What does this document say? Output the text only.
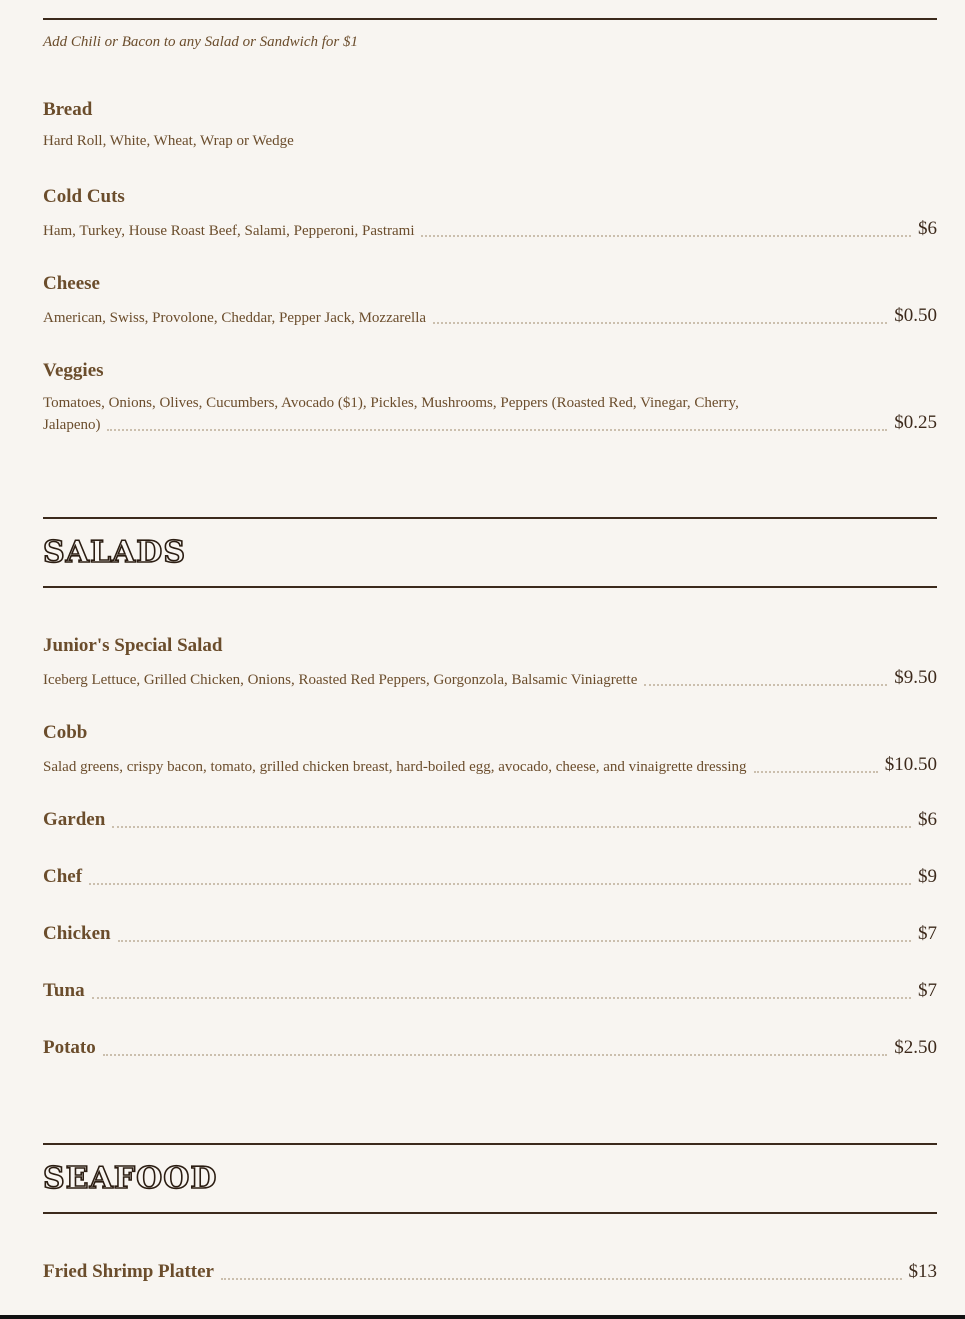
Add Chili or Bacon to any Salad or Sandwich for $1
Bread
Hard Roll, White, Wheat, Wrap or Wedge
Cold Cuts
Ham, Turkey, House Roast Beef, Salami, Pepperoni, Pastrami	$6
Cheese
American, Swiss, Provolone, Cheddar, Pepper Jack, Mozzarella	$0.50
Veggies
Tomatoes, Onions, Olives, Cucumbers, Avocado ($1), Pickles, Mushrooms, Peppers (Roasted Red, Vinegar, Cherry,
Jalapeno)	$0.25
SALADS
Junior's Special Salad
Iceberg Lettuce, Grilled Chicken, Onions, Roasted Red Peppers, Gorgonzola, Balsamic Viniagrette	$9.50
Cobb
Salad greens, crispy bacon, tomato, grilled chicken breast, hard-boiled egg, avocado, cheese, and vinaigrette dressing	$10.50
Garden	$6
Chef	$9
Chicken	$7
Tuna	$7
Potato	$2.50
SEAFOOD
Fried Shrimp Platter	$13
